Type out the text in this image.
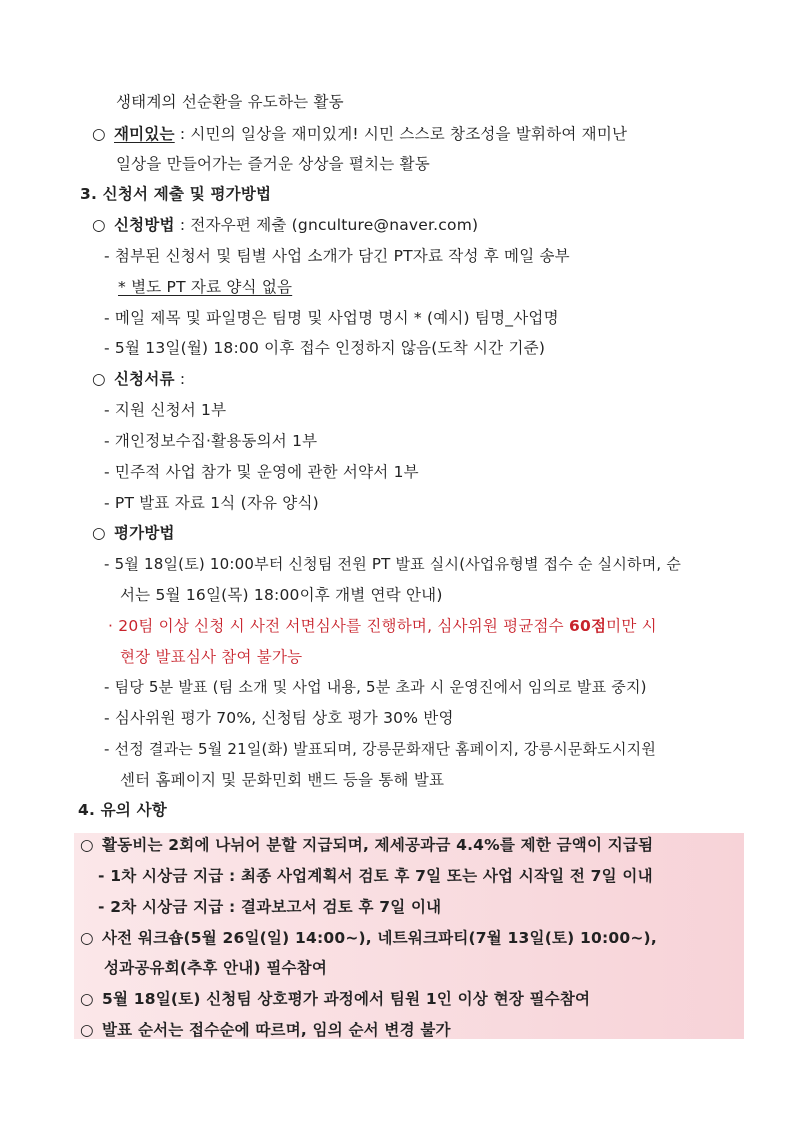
생태계의 선순환을 유도하는 활동
○ 재미있는 : 시민의 일상을 재미있게! 시민 스스로 창조성을 발휘하여 재미난
일상을 만들어가는 즐거운 상상을 펼치는 활동
3. 신청서 제출 및 평가방법
○ 신청방법 : 전자우편 제출 (gnculture@naver.com)
- 첨부된 신청서 및 팀별 사업 소개가 담긴 PT자료 작성 후 메일 송부
* 별도 PT 자료 양식 없음
- 메일 제목 및 파일명은 팀명 및 사업명 명시 * (예시) 팀명_사업명
- 5월 13일(월) 18:00 이후 접수 인정하지 않음(도착 시간 기준)
○ 신청서류 :
- 지원 신청서 1부
- 개인정보수집·활용동의서 1부
- 민주적 사업 참가 및 운영에 관한 서약서 1부
- PT 발표 자료 1식 (자유 양식)
○ 평가방법
- 5월 18일(토) 10:00부터 신청팀 전원 PT 발표 실시(사업유형별 접수 순 실시하며, 순
서는 5월 16일(목) 18:00이후 개별 연락 안내)
· 20팀 이상 신청 시 사전 서면심사를 진행하며, 심사위원 평균점수 60점미만 시
현장 발표심사 참여 불가능
- 팀당 5분 발표 (팀 소개 및 사업 내용, 5분 초과 시 운영진에서 임의로 발표 중지)
- 심사위원 평가 70%, 신청팀 상호 평가 30% 반영
- 선정 결과는 5월 21일(화) 발표되며, 강릉문화재단 홈페이지, 강릉시문화도시지원
센터 홈페이지 및 문화민회 밴드 등을 통해 발표
4. 유의 사항
○ 활동비는 2회에 나뉘어 분할 지급되며, 제세공과금 4.4%를 제한 금액이 지급됨
- 1차 시상금 지급 : 최종 사업계획서 검토 후 7일 또는 사업 시작일 전 7일 이내
- 2차 시상금 지급 : 결과보고서 검토 후 7일 이내
○ 사전 워크숍(5월 26일(일) 14:00~), 네트워크파티(7월 13일(토) 10:00~),
성과공유회(추후 안내) 필수참여
○ 5월 18일(토) 신청팀 상호평가 과정에서 팀원 1인 이상 현장 필수참여
○ 발표 순서는 접수순에 따르며, 임의 순서 변경 불가
